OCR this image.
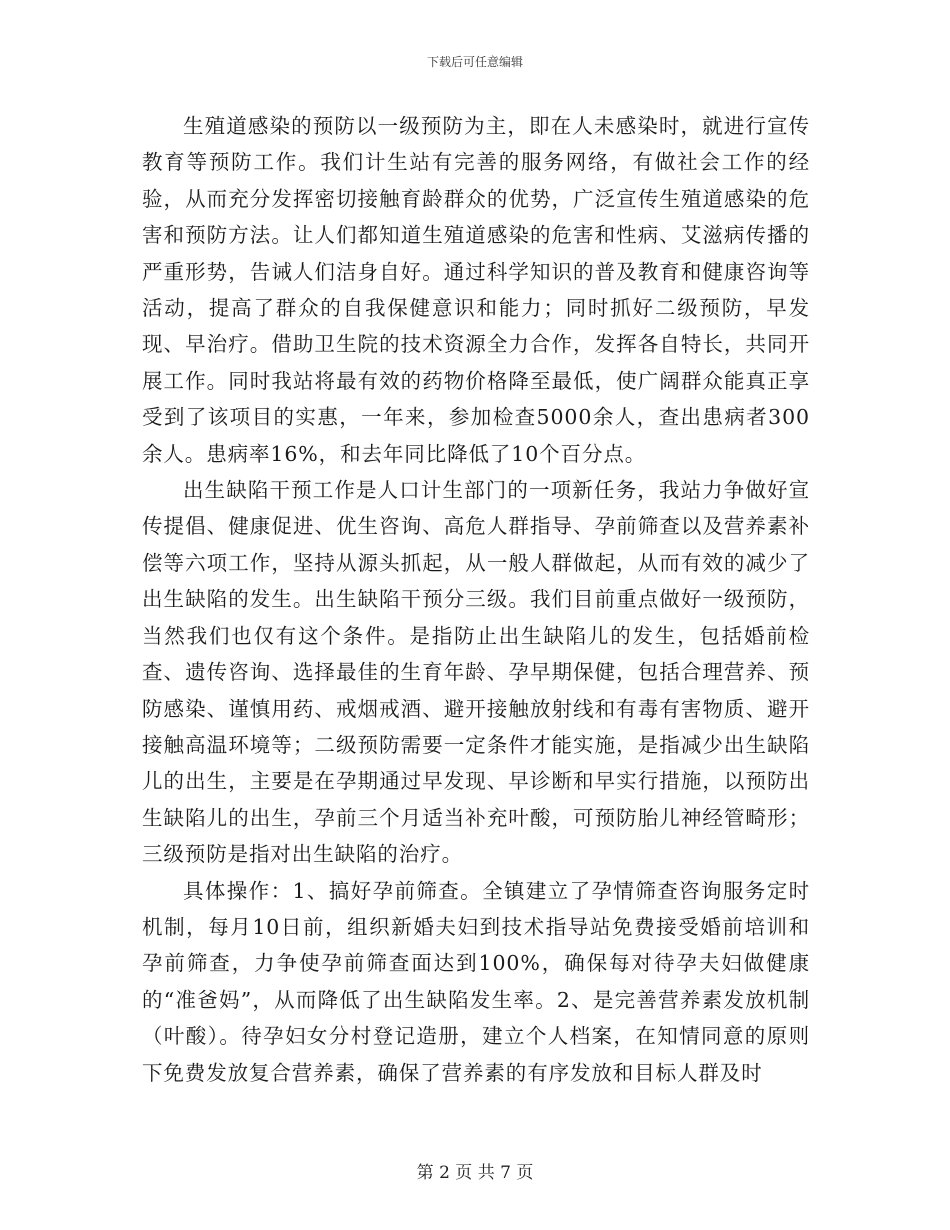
下载后可任意编辑

生殖道感染的预防以一级预防为主，即在人未感染时，就进行宣传教育等预防工作。我们计生站有完善的服务网络，有做社会工作的经验，从而充分发挥密切接触育龄群众的优势，广泛宣传生殖道感染的危害和预防方法。让人们都知道生殖道感染的危害和性病、艾滋病传播的严重形势，告诫人们洁身自好。通过科学知识的普及教育和健康咨询等活动，提高了群众的自我保健意识和能力；同时抓好二级预防，早发现、早治疗。借助卫生院的技术资源全力合作，发挥各自特长，共同开展工作。同时我站将最有效的药物价格降至最低，使广阔群众能真正享受到了该项目的实惠，一年来，参加检查5000余人，查出患病者300余人。患病率16%，和去年同比降低了10个百分点。

出生缺陷干预工作是人口计生部门的一项新任务，我站力争做好宣传提倡、健康促进、优生咨询、高危人群指导、孕前筛查以及营养素补偿等六项工作，坚持从源头抓起，从一般人群做起，从而有效的减少了出生缺陷的发生。出生缺陷干预分三级。我们目前重点做好一级预防，当然我们也仅有这个条件。是指防止出生缺陷儿的发生，包括婚前检查、遗传咨询、选择最佳的生育年龄、孕早期保健，包括合理营养、预防感染、谨慎用药、戒烟戒酒、避开接触放射线和有毒有害物质、避开接触高温环境等；二级预防需要一定条件才能实施，是指减少出生缺陷儿的出生，主要是在孕期通过早发现、早诊断和早实行措施，以预防出生缺陷儿的出生，孕前三个月适当补充叶酸，可预防胎儿神经管畸形；三级预防是指对出生缺陷的治疗。

具体操作：1、搞好孕前筛查。全镇建立了孕情筛查咨询服务定时机制，每月10日前，组织新婚夫妇到技术指导站免费接受婚前培训和孕前筛查，力争使孕前筛查面达到100%，确保每对待孕夫妇做健康的“准爸妈”，从而降低了出生缺陷发生率。2、是完善营养素发放机制（叶酸）。待孕妇女分村登记造册，建立个人档案，在知情同意的原则下免费发放复合营养素，确保了营养素的有序发放和目标人群及时

第 2 页 共 7 页
